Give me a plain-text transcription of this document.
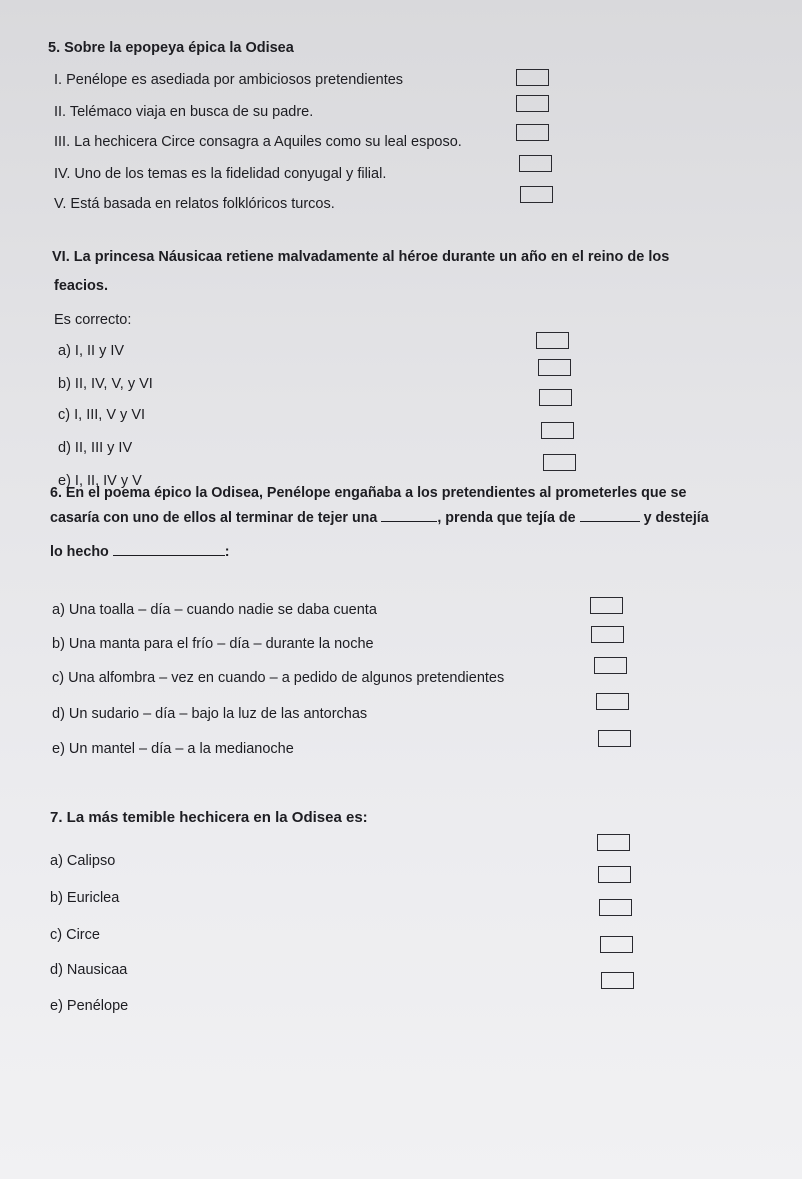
5. Sobre la epopeya épica la Odisea
I. Penélope es asediada por ambiciosos pretendientes
II. Telémaco viaja en busca de su padre.
III. La hechicera Circe consagra a Aquiles como su leal esposo.
IV. Uno de los temas es la fidelidad conyugal y filial.
V. Está basada en relatos folklóricos turcos.
VI. La princesa Náusicaa retiene malvadamente al héroe durante un año en el reino de los
feacios.
Es correcto:
a) I, II y IV
b) II, IV, V, y VI
c) I, III, V y VI
d) II, III y IV
e) I, II, IV y V
6. En el poema épico la Odisea, Penélope engañaba a los pretendientes al prometerles que se
casaría con uno de ellos al terminar de tejer una	, prenda que tejía de	y destejía
lo hecho	:
a) Una toalla – día – cuando nadie se daba cuenta
b) Una manta para el frío – día – durante la noche
c) Una alfombra – vez en cuando – a pedido de algunos pretendientes
d) Un sudario – día – bajo la luz de las antorchas
e) Un mantel – día – a la medianoche
7. La más temible hechicera en la Odisea es:
a) Calipso
b) Euriclea
c) Circe
d) Nausicaa
e) Penélope
